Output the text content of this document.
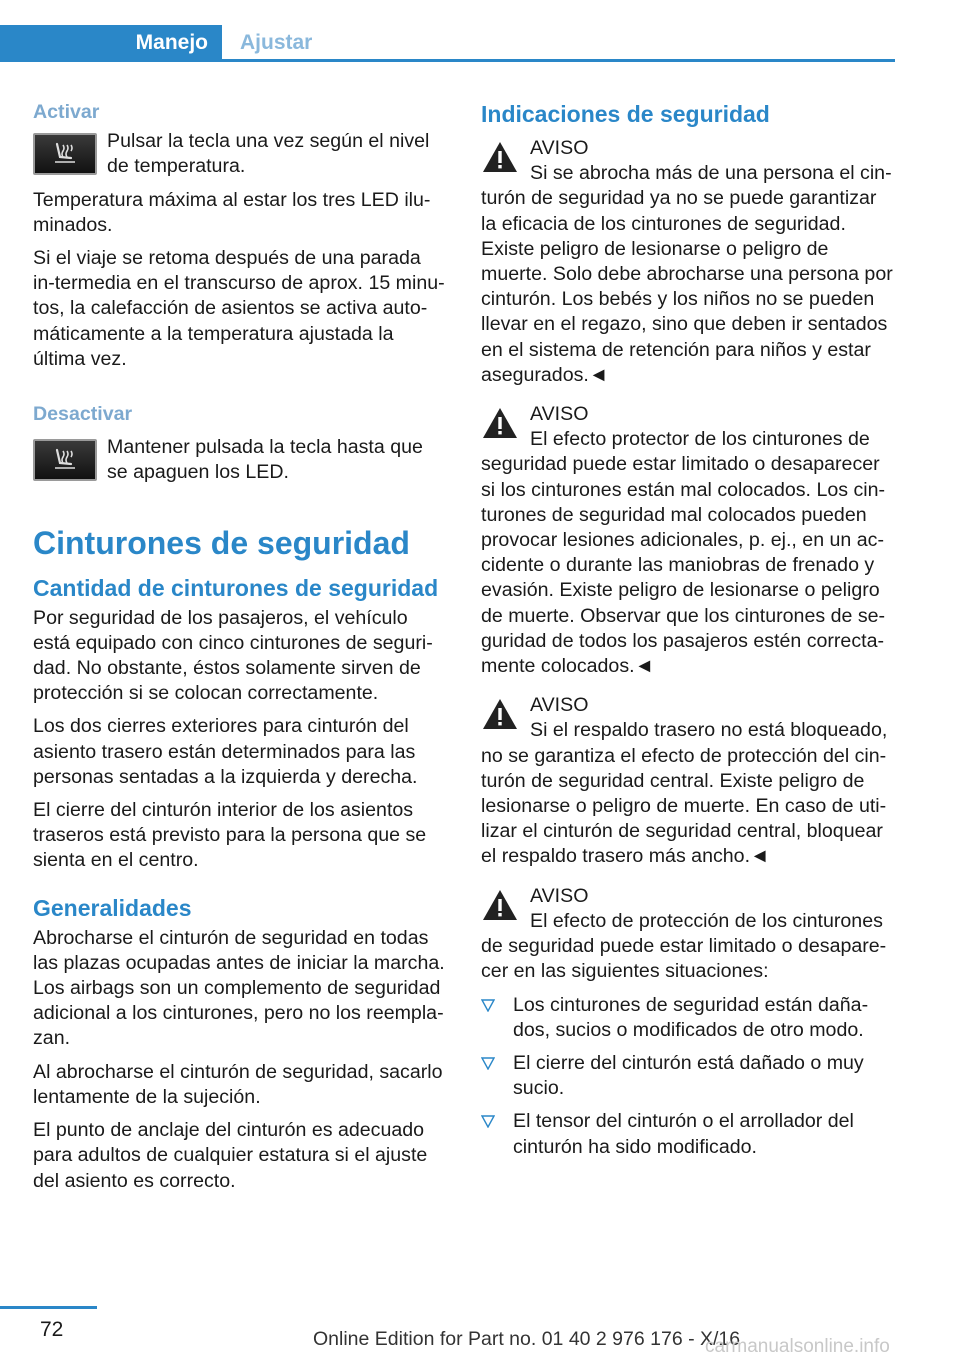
Manejo	Ajustar
Activar
Pulsar la tecla una vez según el nivel de temperatura.

Temperatura máxima al estar los tres LED ilu‐minados.

Si el viaje se retoma después de una parada in‐termedia en el transcurso de aprox. 15 minu‐tos, la calefacción de asientos se activa auto‐máticamente a la temperatura ajustada la última vez.

Desactivar
Mantener pulsada la tecla hasta que se apaguen los LED.
Cinturones de seguridad
Cantidad de cinturones de seguridad

Por seguridad de los pasajeros, el vehículo está equipado con cinco cinturones de seguri‐dad. No obstante, éstos solamente sirven de protección si se colocan correctamente.

Los dos cierres exteriores para cinturón del asiento trasero están determinados para las personas sentadas a la izquierda y derecha.

El cierre del cinturón interior de los asientos traseros está previsto para la persona que se sienta en el centro.

Generalidades

Abrocharse el cinturón de seguridad en todas las plazas ocupadas antes de iniciar la marcha. Los airbags son un complemento de seguridad adicional a los cinturones, pero no los reempla‐zan.

Al abrocharse el cinturón de seguridad, sacarlo lentamente de la sujeción.

El punto de anclaje del cinturón es adecuado para adultos de cualquier estatura si el ajuste del asiento es correcto.

Indicaciones de seguridad
AVISO
Si se abrocha más de una persona el cin‐
turón de seguridad ya no se puede garantizar la eficacia de los cinturones de seguridad. Existe peligro de lesionarse o peligro de muerte. Solo debe abrocharse una persona por cinturón. Los bebés y los niños no se pueden llevar en el regazo, sino que deben ir sentados en el sistema de retención para niños y estar asegurados.◄
AVISO
El efecto protector de los cinturones de
seguridad puede estar limitado o desaparecer si los cinturones están mal colocados. Los cin‐turones de seguridad mal colocados pueden provocar lesiones adicionales, p. ej., en un ac‐cidente o durante las maniobras de frenado y evasión. Existe peligro de lesionarse o peligro de muerte. Observar que los cinturones de se‐guridad de todos los pasajeros estén correcta‐mente colocados.◄
AVISO
Si el respaldo trasero no está bloqueado,
no se garantiza el efecto de protección del cin‐turón de seguridad central. Existe peligro de lesionarse o peligro de muerte. En caso de uti‐lizar el cinturón de seguridad central, bloquear el respaldo trasero más ancho.◄
AVISO
El efecto de protección de los cinturones
de seguridad puede estar limitado o desapare‐cer en las siguientes situaciones:
Los cinturones de seguridad están daña‐dos, sucios o modificados de otro modo.
El cierre del cinturón está dañado o muy sucio.
El tensor del cinturón o el arrollador del cinturón ha sido modificado.
72	Online Edition for Part no. 01 40 2 976 176 - X/16
carmanualsonline.info
